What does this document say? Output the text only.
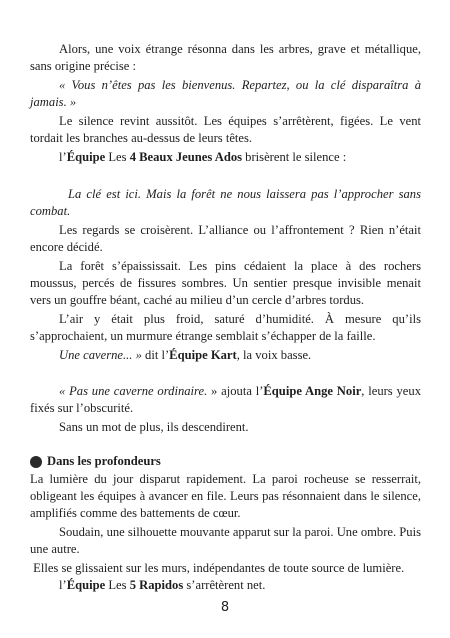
Alors, une voix étrange résonna dans les arbres, grave et métallique, sans origine précise :

« Vous n’êtes pas les bienvenus. Repartez, ou la clé disparaîtra à jamais. »

Le silence revint aussitôt. Les équipes s’arrêtèrent, figées. Le vent tordait les branches au-dessus de leurs têtes.

l’Équipe Les 4 Beaux Jeunes Ados brisèrent le silence :

La clé est ici. Mais la forêt ne nous laissera pas l’approcher sans combat.

Les regards se croisèrent. L’alliance ou l’affrontement ? Rien n’était encore décidé.

La forêt s’épaississait. Les pins cédaient la place à des rochers moussus, percés de fissures sombres. Un sentier presque invisible menait vers un gouffre béant, caché au milieu d’un cercle d’arbres tordus.

L’air y était plus froid, saturé d’humidité. À mesure qu’ils s’approchaient, un murmure étrange semblait s’échapper de la faille.

Une caverne... » dit l’Équipe Kart, la voix basse.

« Pas une caverne ordinaire. » ajouta l’Équipe Ange Noir, leurs yeux fixés sur l’obscurité.

Sans un mot de plus, ils descendirent.

Dans les profondeurs

La lumière du jour disparut rapidement. La paroi rocheuse se resserrait, obligeant les équipes à avancer en file. Leurs pas résonnaient dans le silence, amplifiés comme des battements de cœur.

Soudain, une silhouette mouvante apparut sur la paroi. Une ombre. Puis une autre.

Elles se glissaient sur les murs, indépendantes de toute source de lumière.

l’Équipe Les 5 Rapidos s’arrêtèrent net.

8
